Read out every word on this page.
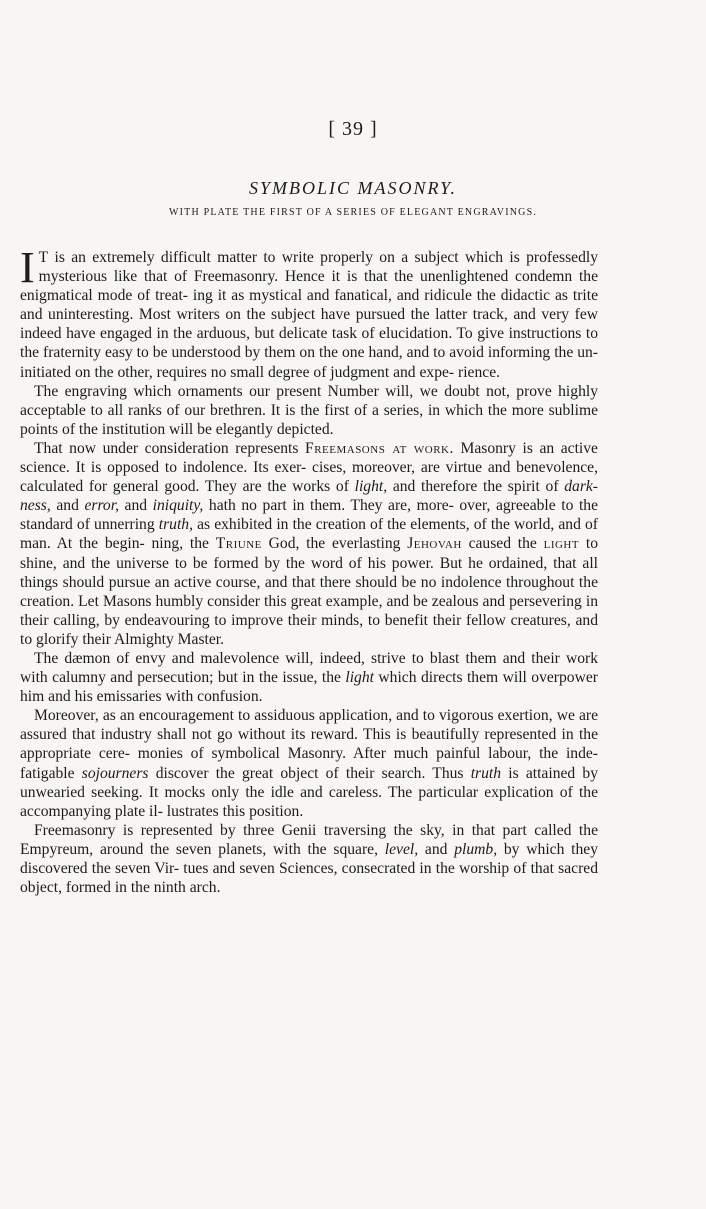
[ 39 ]
SYMBOLIC MASONRY.
WITH PLATE THE FIRST OF A SERIES OF ELEGANT ENGRAVINGS.

I T is an extremely difficult matter to write properly on a subject which is professedly mysterious like that of Freemasonry. Hence it is that the unenlightened condemn the enigmatical mode of treat- ing it as mystical and fanatical, and ridicule the didactic as trite and uninteresting. Most writers on the subject have pursued the latter track, and very few indeed have engaged in the arduous, but delicate task of elucidation. To give instructions to the fraternity easy to be understood by them on the one hand, and to avoid informing the un- initiated on the other, requires no small degree of judgment and expe- rience.

The engraving which ornaments our present Number will, we doubt not, prove highly acceptable to all ranks of our brethren. It is the first of a series, in which the more sublime points of the institution will be elegantly depicted.

That now under consideration represents Freemasons at work. Masonry is an active science. It is opposed to indolence. Its exer- cises, moreover, are virtue and benevolence, calculated for general good. They are the works of light, and therefore the spirit of dark- ness, and error, and iniquity, hath no part in them. They are, more- over, agreeable to the standard of unnerring truth, as exhibited in the creation of the elements, of the world, and of man. At the begin- ning, the Triune God, the everlasting Jehovah caused the light to shine, and the universe to be formed by the word of his power. But he ordained, that all things should pursue an active course, and that there should be no indolence throughout the creation. Let Masons humbly consider this great example, and be zealous and persevering in their calling, by endeavouring to improve their minds, to benefit their fellow creatures, and to glorify their Almighty Master.

The dæmon of envy and malevolence will, indeed, strive to blast them and their work with calumny and persecution; but in the issue, the light which directs them will overpower him and his emissaries with confusion.

Moreover, as an encouragement to assiduous application, and to vigorous exertion, we are assured that industry shall not go without its reward. This is beautifully represented in the appropriate cere- monies of symbolical Masonry. After much painful labour, the inde- fatigable sojourners discover the great object of their search. Thus truth is attained by unwearied seeking. It mocks only the idle and careless. The particular explication of the accompanying plate il- lustrates this position.

Freemasonry is represented by three Genii traversing the sky, in that part called the Empyreum, around the seven planets, with the square, level, and plumb, by which they discovered the seven Vir- tues and seven Sciences, consecrated in the worship of that sacred object, formed in the ninth arch.
